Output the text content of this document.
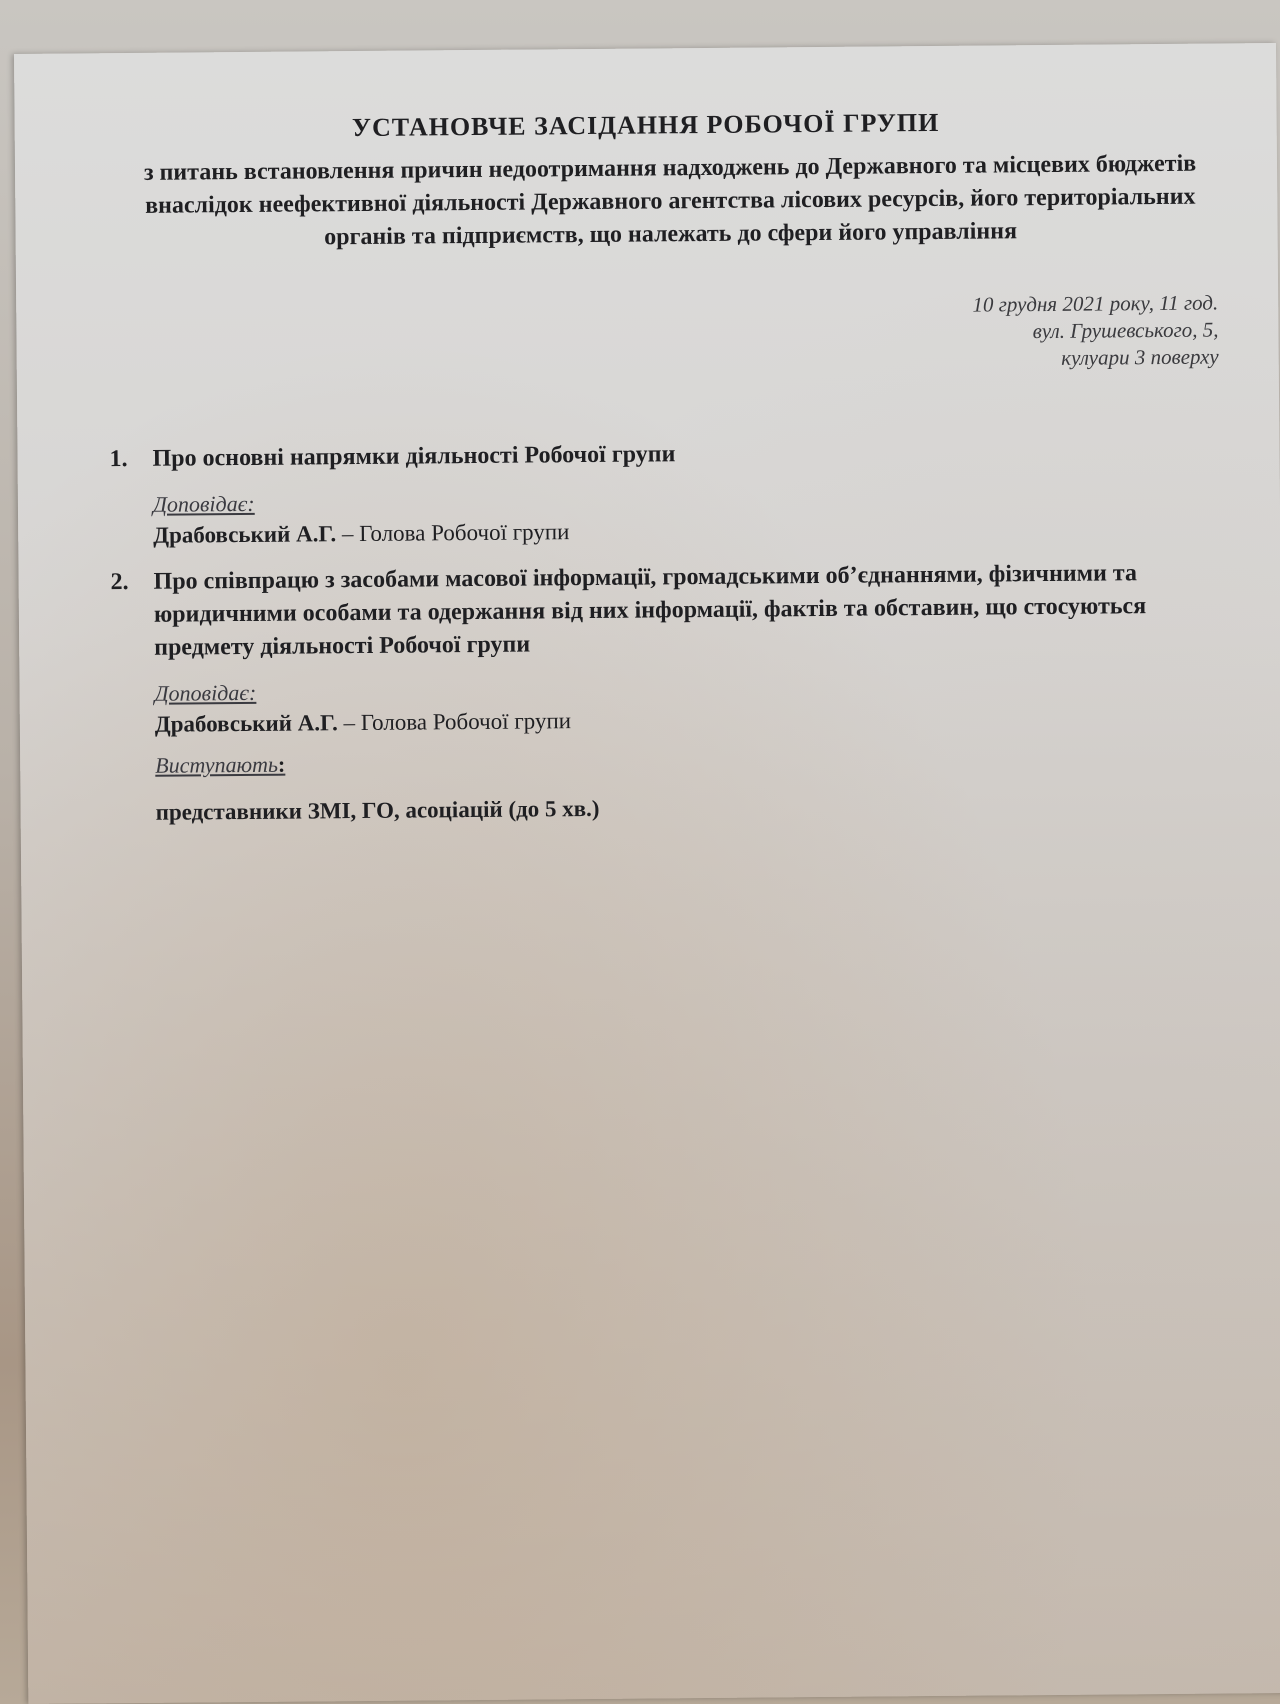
УСТАНОВЧЕ ЗАСІДАННЯ РОБОЧОЇ ГРУПИ

з питань встановлення причин недоотримання надходжень до Державного та місцевих бюджетів внаслідок неефективної діяльності Державного агентства лісових ресурсів, його територіальних органів та підприємств, що належать до сфери його управління

10 грудня 2021 року, 11 год.
вул. Грушевського, 5,
кулуари 3 поверху
1. Про основні напрямки діяльності Робочої групи

Доповідає:

Драбовський А.Г. – Голова Робочої групи

2. Про співпрацю з засобами масової інформації, громадськими об’єднаннями, фізичними та юридичними особами та одержання від них інформації, фактів та обставин, що стосуються предмету діяльності Робочої групи

Доповідає:

Драбовський А.Г. – Голова Робочої групи

Виступають:

представники ЗМІ, ГО, асоціацій (до 5 хв.)
